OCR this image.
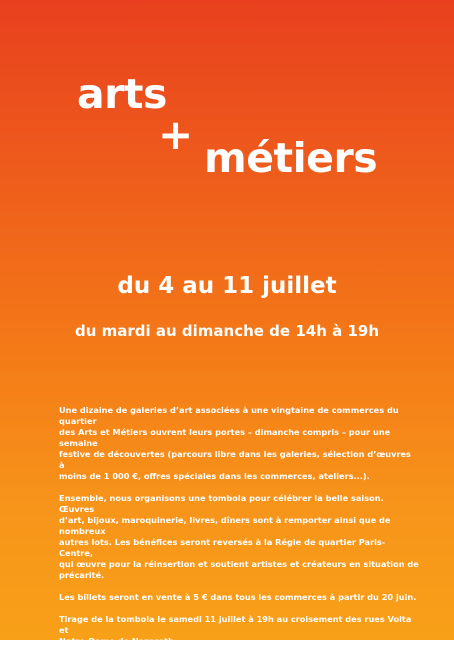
arts
+ métiers
du 4 au 11 juillet
du mardi au dimanche de 14h à 19h

Une dizaine de galeries d’art associées à une vingtaine de commerces du quartier
des Arts et Métiers ouvrent leurs portes – dimanche compris – pour une semaine
festive de découvertes (parcours libre dans les galeries, sélection d’œuvres à
moins de 1 000 €, offres spéciales dans les commerces, ateliers...).

Ensemble, nous organisons une tombola pour célébrer la belle saison. Œuvres
d’art, bijoux, maroquinerie, livres, dîners sont à remporter ainsi que de nombreux
autres lots. Les bénéfices seront reversés à la Régie de quartier Paris-Centre,
qui œuvre pour la réinsertion et soutient artistes et créateurs en situation de
précarité.

Les billets seront en vente à 5 € dans tous les commerces à partir du 20 juin.

Tirage de la tombola le samedi 11 juillet à 19h au croisement des rues Volta et
Notre-Dame de Nazareth.
Les résulats seront publiés sur notre compte Instagram.
